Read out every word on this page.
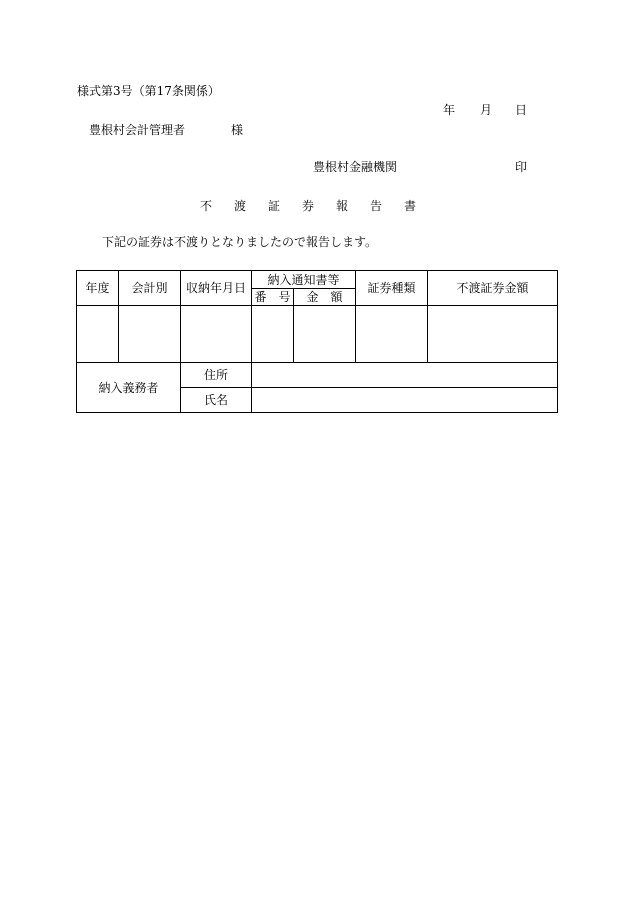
様式第3号（第17条関係）
年 月 日
豊根村会計管理者	様
豊根村金融機関	印
不 渡 証 券 報 告 書
下記の証券は不渡りとなりましたので報告します。
年度	会計別	収納年月日	納入通知書等		証券種類	不渡証券金額
			番　号	金　額		

納入義務者		住所				
		氏名				
